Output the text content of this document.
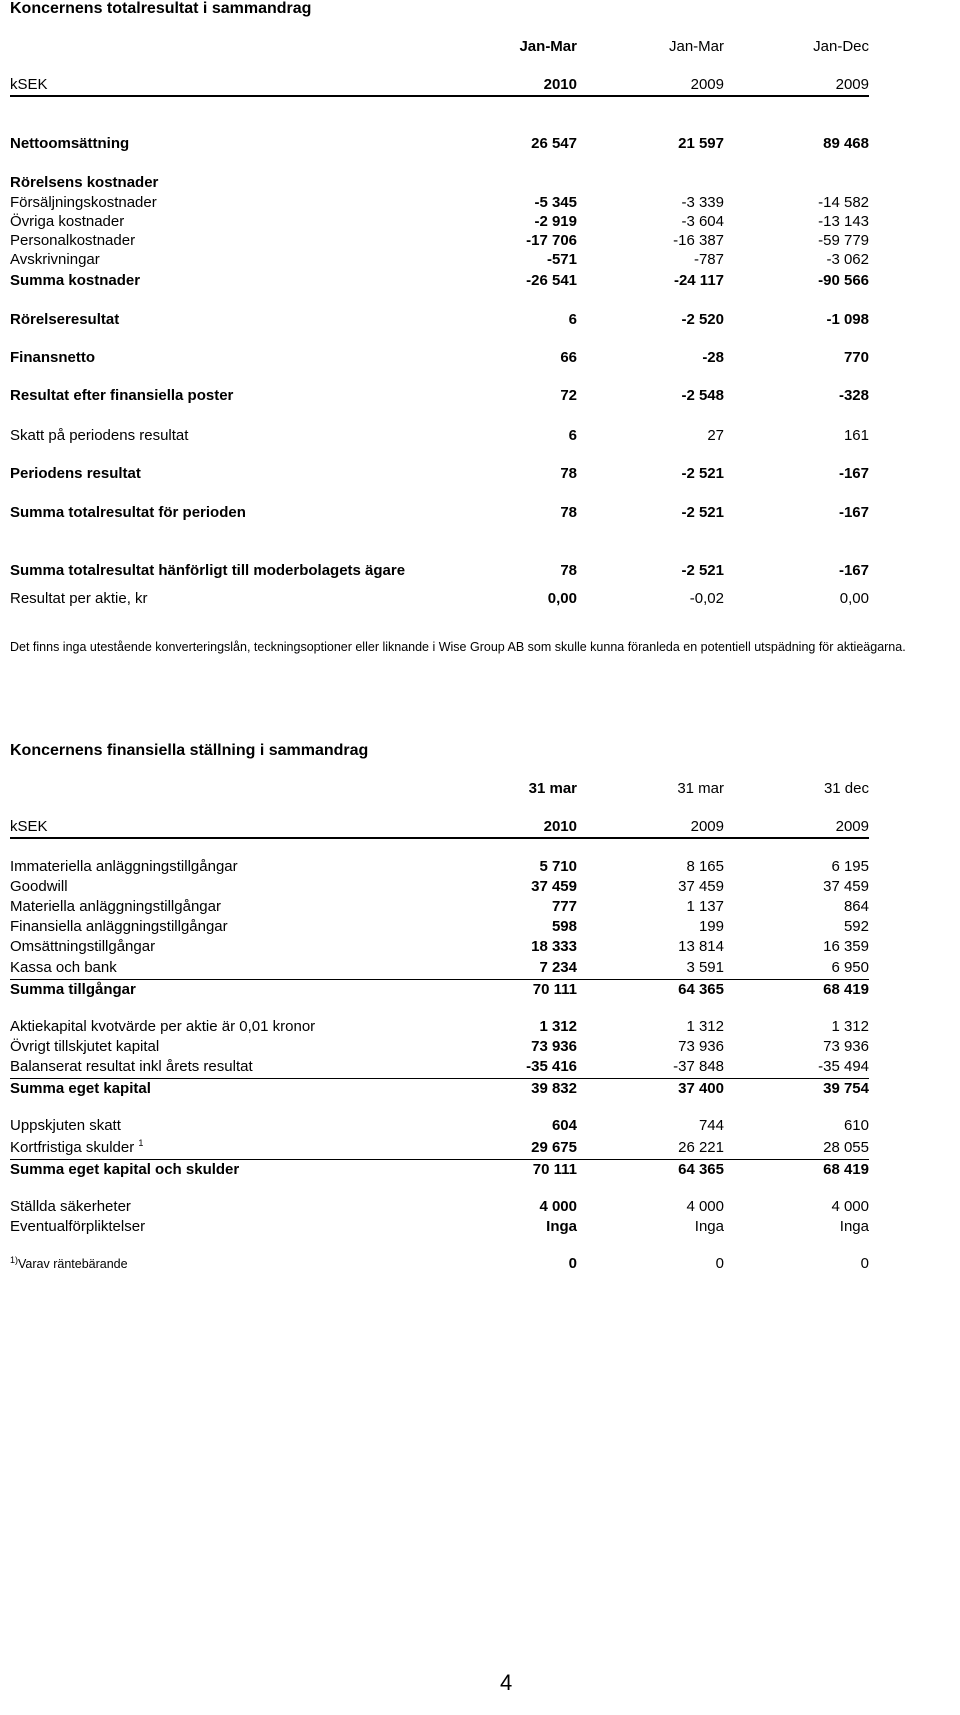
Koncernens totalresultat i sammandrag
Jan-Mar	Jan-Mar	Jan-Dec
kSEK	2010	2009	2009
Nettoomsättning	26 547	21 597	89 468
Rörelsens kostnader
Försäljningskostnader	-5 345	-3 339	-14 582
Övriga kostnader	-2 919	-3 604	-13 143
Personalkostnader	-17 706	-16 387	-59 779
Avskrivningar	-571	-787	-3 062
Summa kostnader	-26 541	-24 117	-90 566
Rörelseresultat	6	-2 520	-1 098
Finansnetto	66	-28	770
Resultat efter finansiella poster	72	-2 548	-328
Skatt på periodens resultat	6	27	161
Periodens resultat	78	-2 521	-167
Summa totalresultat för perioden	78	-2 521	-167
Summa totalresultat hänförligt till moderbolagets ägare	78	-2 521	-167
Resultat per aktie, kr	0,00	-0,02	0,00
Det finns inga utestående konverteringslån, teckningsoptioner eller liknande i Wise Group AB som skulle kunna föranleda en potentiell utspädning för aktieägarna.
Koncernens finansiella ställning i sammandrag
31 mar	31 mar	31 dec
kSEK	2010	2009	2009
Immateriella anläggningstillgångar	5 710	8 165	6 195
Goodwill	37 459	37 459	37 459
Materiella anläggningstillgångar	777	1 137	864
Finansiella anläggningstillgångar	598	199	592
Omsättningstillgångar	18 333	13 814	16 359
Kassa och bank	7 234	3 591	6 950
Summa tillgångar	70 111	64 365	68 419
Aktiekapital kvotvärde per aktie är 0,01 kronor	1 312	1 312	1 312
Övrigt tillskjutet kapital	73 936	73 936	73 936
Balanserat resultat inkl årets resultat	-35 416	-37 848	-35 494
Summa eget kapital	39 832	37 400	39 754
Uppskjuten skatt	604	744	610
Kortfristiga skulder $^1$	29 675	26 221	28 055
Summa eget kapital och skulder	70 111	64 365	68 419
Ställda säkerheter	4 000	4 000	4 000
Eventualförpliktelser	Inga	Inga	Inga
$^{1)}$Varav räntebärande	0	0	0
4
